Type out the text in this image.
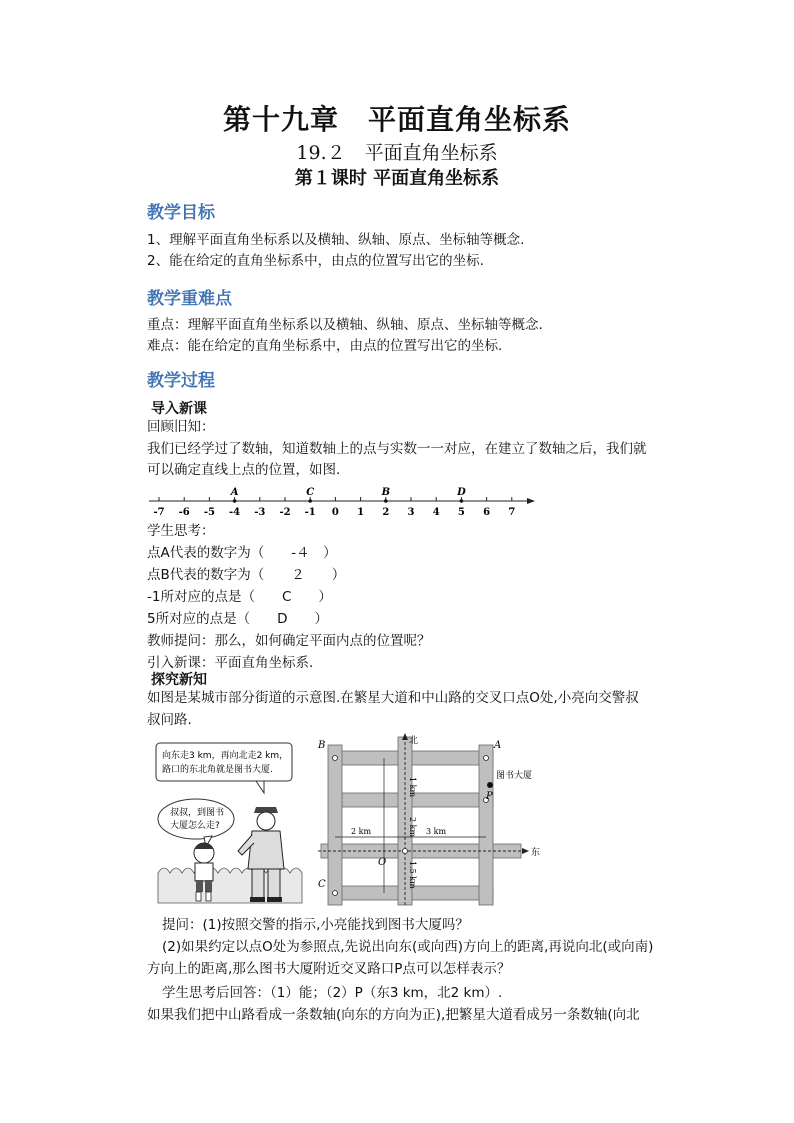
第十九章　平面直角坐标系
19.２　平面直角坐标系
第１课时 平面直角坐标系
教学目标
1、理解平面直角坐标系以及横轴、纵轴、原点、坐标轴等概念.
2、能在给定的直角坐标系中，由点的位置写出它的坐标.
教学重难点
重点：理解平面直角坐标系以及横轴、纵轴、原点、坐标轴等概念.
难点：能在给定的直角坐标系中，由点的位置写出它的坐标.
教学过程
导入新课
回顾旧知：
我们已经学过了数轴，知道数轴上的点与实数一一对应，在建立了数轴之后，我们就
可以确定直线上点的位置，如图.
-7 -6 -5 -4 -3 -2 -1 0 1 2 3 4 5 6 7
A	C	B	D
学生思考：
点A代表的数字为（　　-４　）
点B代表的数字为（　　２　　）
-1所对应的点是（　　C　　）
5所对应的点是（　　D　　）
教师提问：那么，如何确定平面内点的位置呢？
引入新课：平面直角坐标系.
探究新知
如图是某城市部分街道的示意图.在繁星大道和中山路的交叉口点O处,小亮向交警叔
叔问路.
向东走3 km，再向北走2 km，
路口的东北角就是图书大厦.
叔叔，到图书
大厦怎么走?
B	A
C
P
O
北
东
图书大厦
2 km	3 km
1 km
2 km
1.5 km
提问：(1)按照交警的指示,小亮能找到图书大厦吗？
(2)如果约定以点O处为参照点,先说出向东(或向西)方向上的距离,再说向北(或向南)
方向上的距离,那么图书大厦附近交叉路口P点可以怎样表示？
学生思考后回答：（1）能；（2）P（东3 km，北2 km）.
如果我们把中山路看成一条数轴(向东的方向为正),把繁星大道看成另一条数轴(向北
